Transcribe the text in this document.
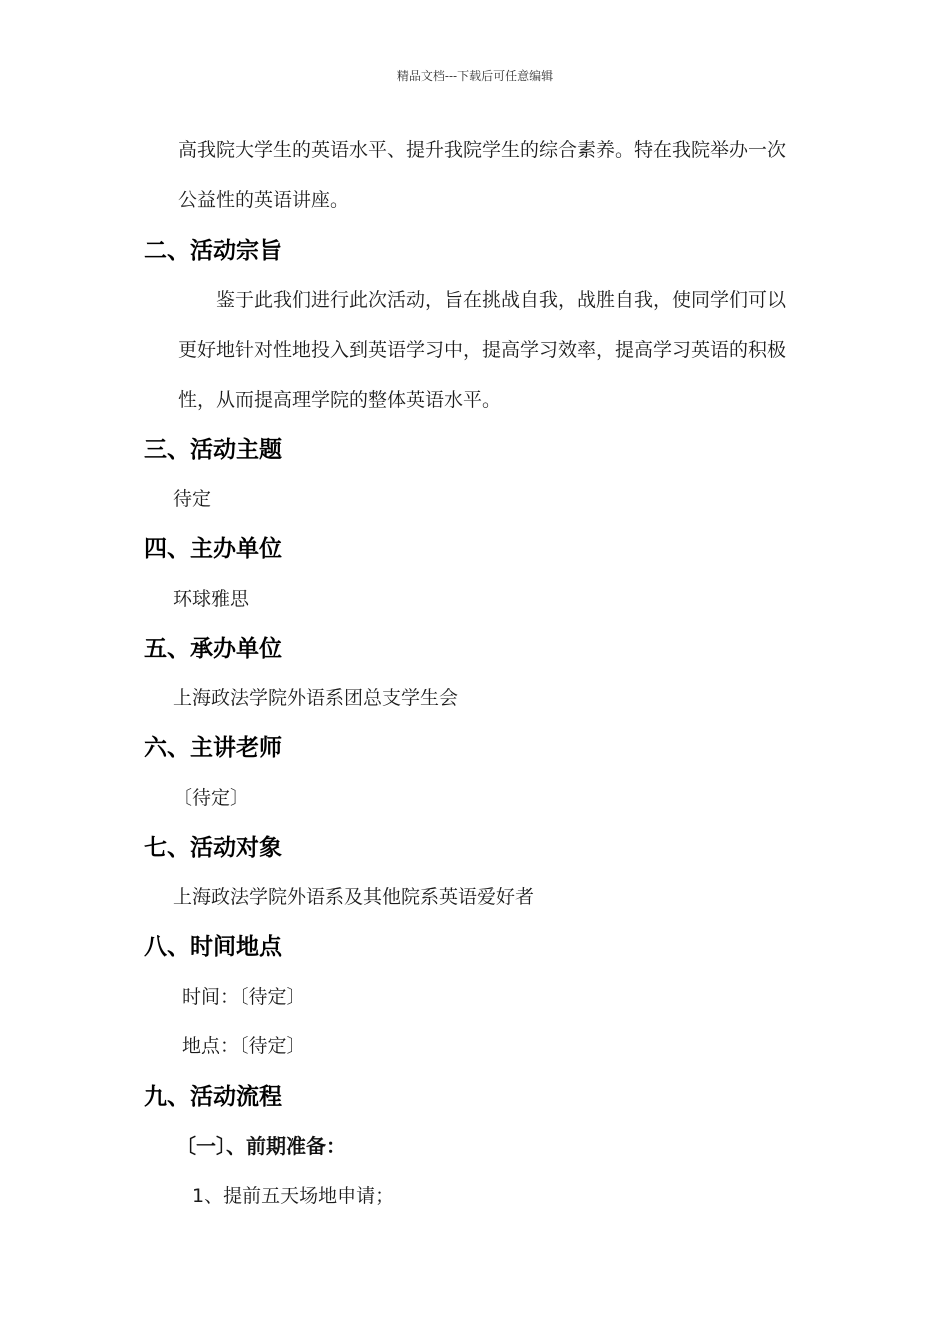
精品文档---下载后可任意编辑
高我院大学生的英语水平、提升我院学生的综合素养。特在我院举办一次
公益性的英语讲座。
二、活动宗旨
鉴于此我们进行此次活动，旨在挑战自我，战胜自我，使同学们可以
更好地针对性地投入到英语学习中，提高学习效率，提高学习英语的积极
性，从而提高理学院的整体英语水平。
三、活动主题
待定
四、主办单位
环球雅思
五、承办单位
上海政法学院外语系团总支学生会
六、主讲老师
〔待定〕
七、活动对象
上海政法学院外语系及其他院系英语爱好者
八、时间地点
时间：〔待定〕
地点：〔待定〕
九、活动流程
〔一〕、前期准备：
1、提前五天场地申请；
